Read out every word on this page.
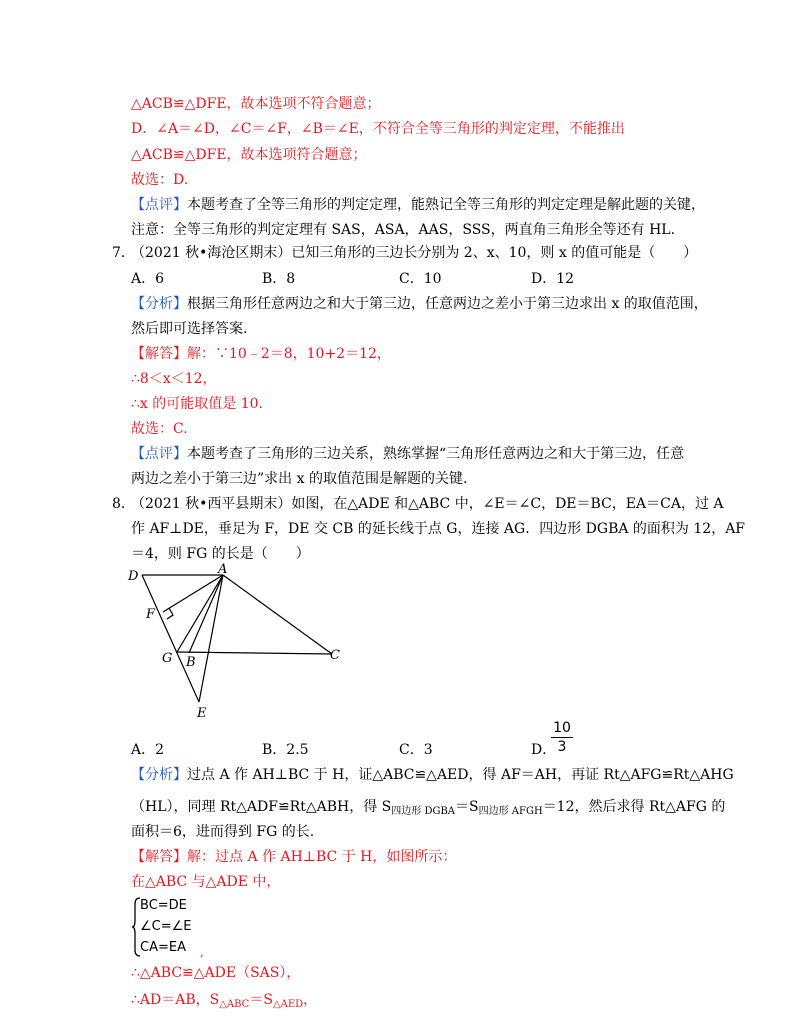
△ACB≌△DFE，故本选项不符合题意；
D．∠A＝∠D，∠C＝∠F，∠B＝∠E，不符合全等三角形的判定定理，不能推出
△ACB≌△DFE，故本选项符合题意；
故选：D.
【点评】本题考查了全等三角形的判定定理，能熟记全等三角形的判定定理是解此题的关键，
注意：全等三角形的判定定理有 SAS，ASA，AAS，SSS，两直角三角形全等还有 HL.
7．
（2021 秋•海沧区期末）已知三角形的三边长分别为 2、x、10，则 x 的值可能是（　　）
A．6	B．8	C．10	D．12
【分析】根据三角形任意两边之和大于第三边，任意两边之差小于第三边求出 x 的取值范围，
然后即可选择答案.
【解答】解：∵10﹣2＝8，10+2＝12，
∴8＜x＜12，
∴x 的可能取值是 10.
故选：C.
【点评】本题考查了三角形的三边关系，熟练掌握“三角形任意两边之和大于第三边，任意
两边之差小于第三边”求出 x 的取值范围是解题的关键.
8．
（2021 秋•西平县期末）如图，在△ADE 和△ABC 中，∠E＝∠C，DE＝BC，EA＝CA，过 A
作 AF⊥DE，垂足为 F，DE 交 CB 的延长线于点 G，连接 AG．四边形 DGBA 的面积为 12，AF
＝4，则 FG 的长是（　　）
D	A
F
G B	C
E
A．2	B．2.5	C．3	D．
10
3
【分析】过点 A 作 AH⊥BC 于 H，证△ABC≌△AED，得 AF＝AH，再证 Rt△AFG≌Rt△AHG
（HL），同理 Rt△ADF≌Rt△ABH，得 $S_{四边形 DGBA}=S_{四边形 AFGH}=12$，然后求得 Rt△AFG 的
面积＝6，进而得到 FG 的长.
【解答】解：过点 A 作 AH⊥BC 于 H，如图所示：
在△ABC 与△ADE 中，
BC=DE
∠C=∠E
CA=EA ,
∴△ABC≌△ADE（SAS），
∴AD＝AB，$S_{\triangle ABC}=S_{\triangle AED}$，
